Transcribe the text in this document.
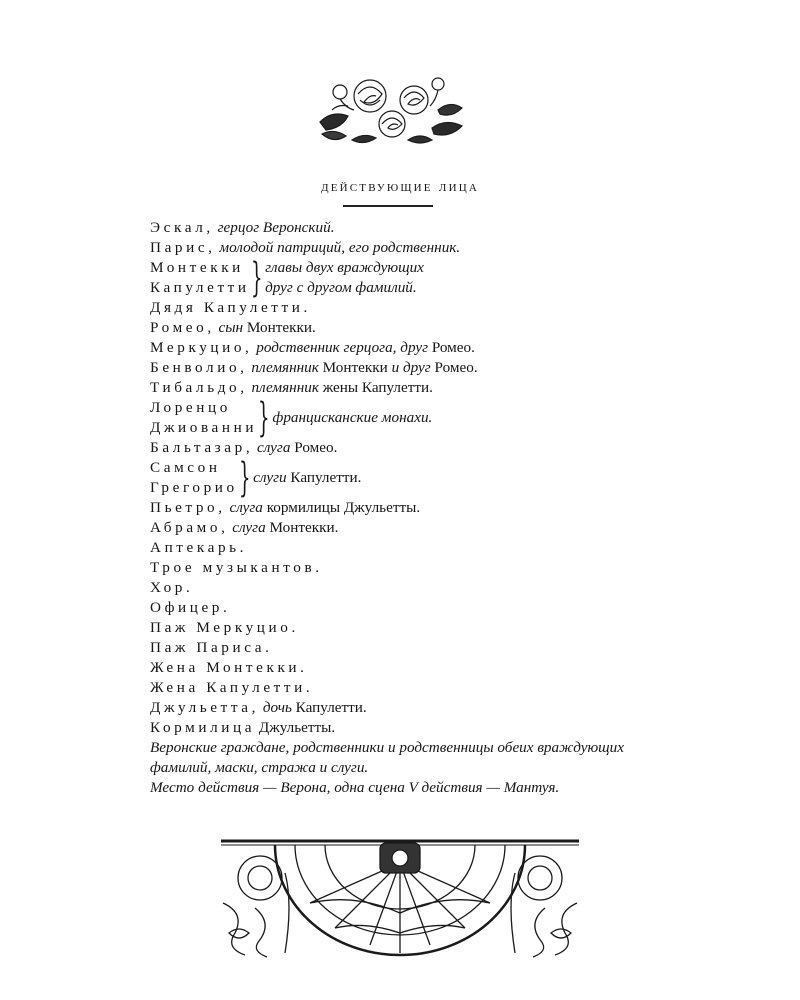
действующие лица
Эскал, герцог Веронский.
Парис, молодой патриций, его родственник.
Монтекки
Капулетти } главы двух враждующих
друг с другом фамилий.
Дядя Капулетти.
Ромео, сын Монтекки.
Меркуцио, родственник герцога, друг Ромео.
Бенволио, племянник Монтекки и друг Ромео.
Тибальдо, племянник жены Капулетти.
Лоренцо
Джиованни } францисканские монахи.
Бальтазар, слуга Ромео.
Самсон
Грегорио } слуги
Капулетти.
Пьетро, слуга кормилицы Джульетты.
Абрамо, слуга Монтекки.
Аптекарь.
Трое музыкантов.
Хор.
Офицер.
Паж Меркуцио.
Паж Париса.
Жена Монтекки.
Жена Капулетти.
Джульетта, дочь Капулетти.
Кормилица Джульетты.
Веронские граждане, родственники и родственницы обеих враждующих фамилий, маски, стража и слуги.
Место действия — Верона, одна сцена V действия — Мантуя.
